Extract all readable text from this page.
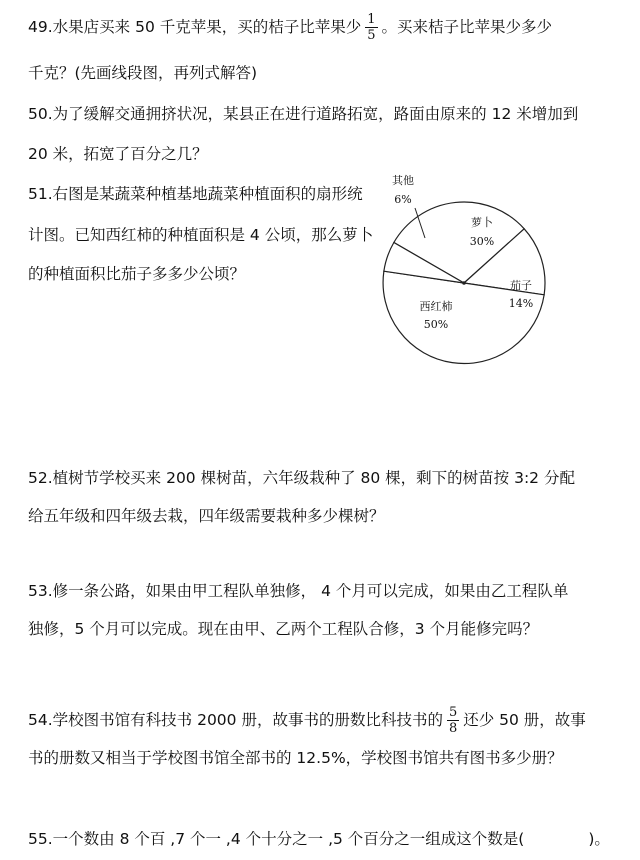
49.水果店买来 50 千克苹果，买的桔子比苹果少 $\frac{1}{5}$ 。买来桔子比苹果少多少
千克？(先画线段图，再列式解答)
50.为了缓解交通拥挤状况，某县正在进行道路拓宽，路面由原来的 12 米增加到
20 米，拓宽了百分之几？
51.右图是某蔬菜种植基地蔬菜种植面积的扇形统
计图。已知西红柿的种植面积是 4 公顷，那么萝卜
的种植面积比茄子多多少公顷？
萝卜
30%
茄子
14%
西红柿
50%
其他
6%
52.植树节学校买来 200 棵树苗，六年级栽种了 80 棵，剩下的树苗按 3:2 分配
给五年级和四年级去栽，四年级需要栽种多少棵树？
53.修一条公路，如果由甲工程队单独修， 4 个月可以完成，如果由乙工程队单
独修，5 个月可以完成。现在由甲、乙两个工程队合修，3 个月能修完吗？
54.学校图书馆有科技书 2000 册，故事书的册数比科技书的 $\frac{5}{8}$ 还少 50 册，故事
书的册数又相当于学校图书馆全部书的 12.5%，学校图书馆共有图书多少册？
55.一个数由 8 个百 ,7 个一 ,4 个十分之一 ,5 个百分之一组成这个数是(	)。
